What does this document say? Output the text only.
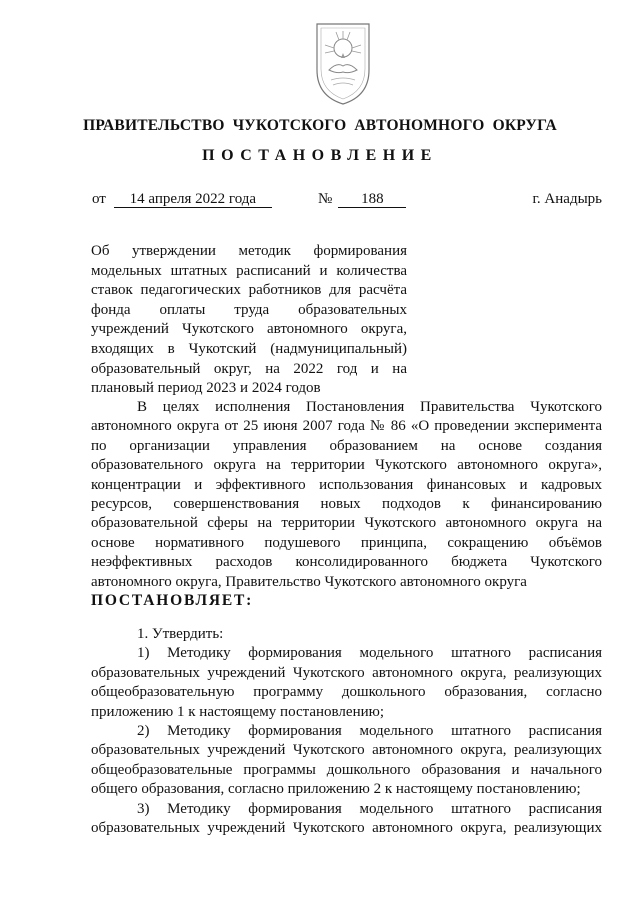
ПРАВИТЕЛЬСТВО ЧУКОТСКОГО АВТОНОМНОГО ОКРУГА
ПОСТАНОВЛЕНИЕ
от 14 апреля 2022 года	№ 188	г. Анадырь
Об утверждении методик формирования
модельных штатных расписаний и количества
ставок педагогических работников для расчёта
фонда оплаты труда образовательных
учреждений Чукотского автономного округа,
входящих в Чукотский (надмуниципальный)
образовательный округ, на 2022 год и на
плановый период 2023 и 2024 годов
В целях исполнения Постановления Правительства Чукотского
автономного округа от 25 июня 2007 года № 86 «О проведении эксперимента
по организации управления образованием на основе создания
образовательного округа на территории Чукотского автономного округа»,
концентрации и эффективного использования финансовых и кадровых
ресурсов, совершенствования новых подходов к финансированию
образовательной сферы на территории Чукотского автономного округа на
основе нормативного подушевого принципа, сокращению объёмов
неэффективных расходов консолидированного бюджета Чукотского
автономного округа, Правительство Чукотского автономного округа
ПОСТАНОВЛЯЕТ:
1. Утвердить:
1) Методику формирования модельного штатного расписания
образовательных учреждений Чукотского автономного округа, реализующих
общеобразовательную программу дошкольного образования, согласно
приложению 1 к настоящему постановлению;
2) Методику формирования модельного штатного расписания
образовательных учреждений Чукотского автономного округа, реализующих
общеобразовательные программы дошкольного образования и начального
общего образования, согласно приложению 2 к настоящему постановлению;
3) Методику формирования модельного штатного расписания
образовательных учреждений Чукотского автономного округа, реализующих
